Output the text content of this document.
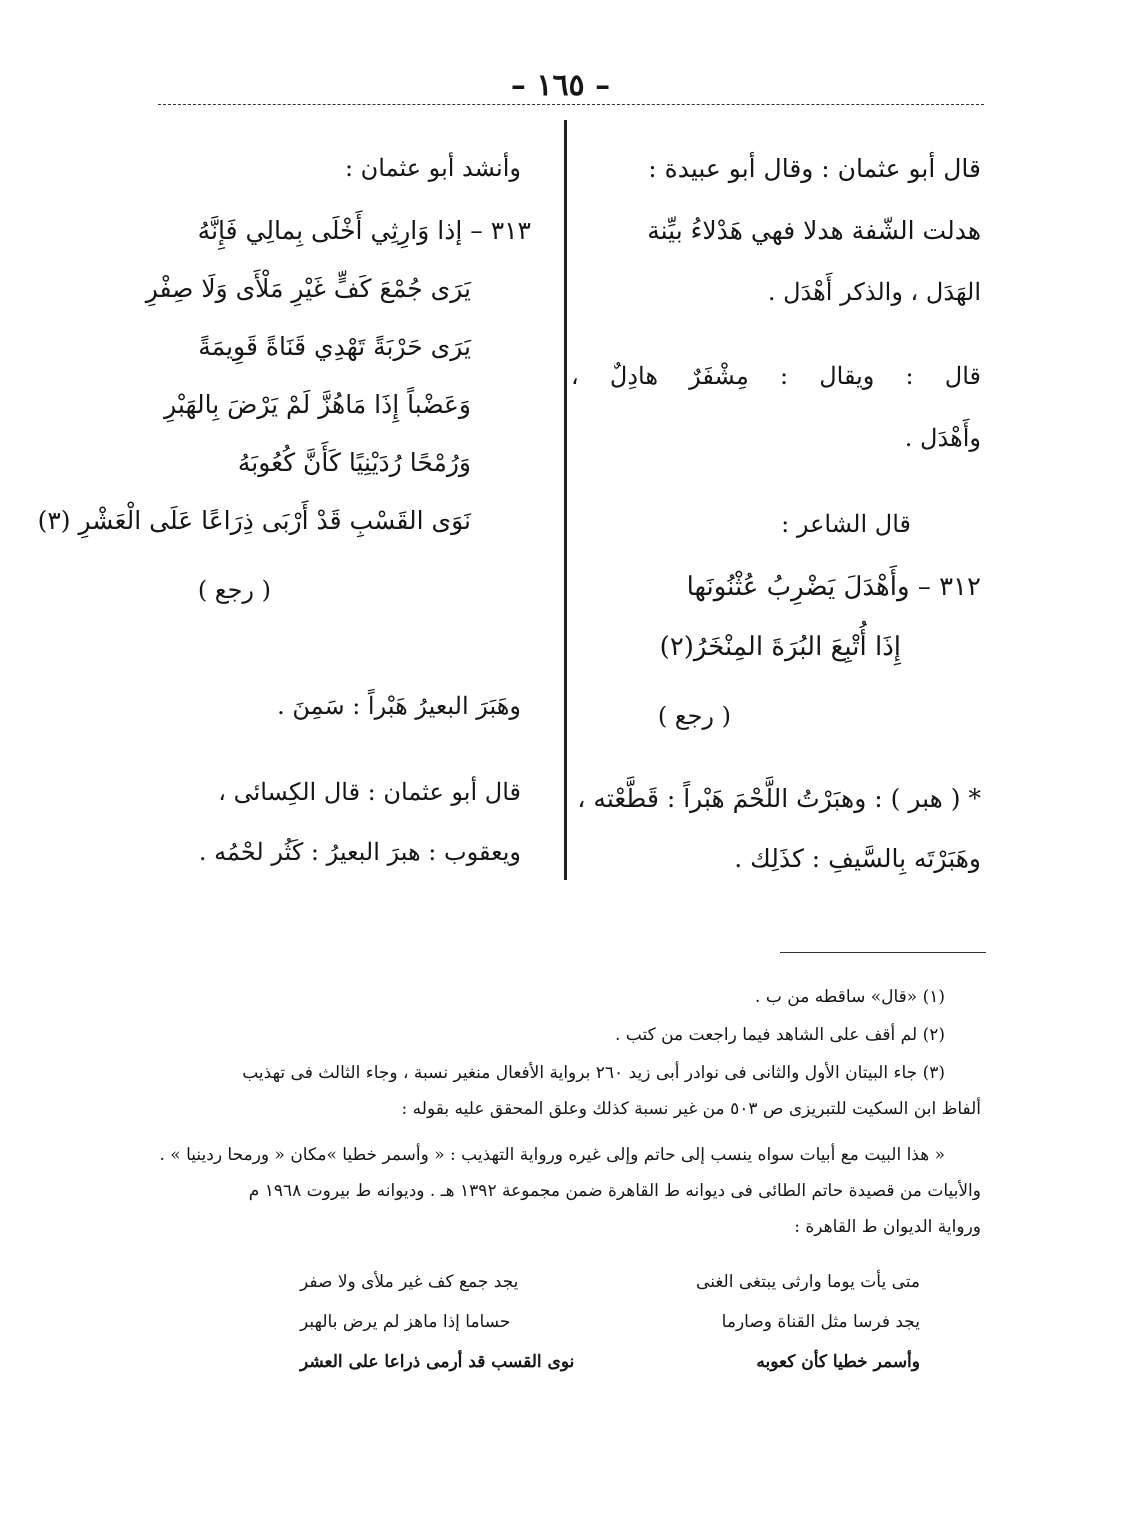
– ١٦٥ –
قال أبو عثمان : وقال أبو عبيدة :
هدلت الشّفة هدلا فهي هَدْلاءُ بيِّنة
الهَدَل ، والذكر أَهْدَل .
قال : ويقال : مِشْفَرٌ هادِلٌ ،
وأَهْدَل .
قال الشاعر :
٣١٢ – وأَهْدَلَ يَضْرِبُ عُثْنُونَها
إِذَا أُتْبِعَ البُرَةَ المِنْخَرُ(٢)
( رجع )
* ( هبر ) : وهبَرْتُ اللَّحْمَ هَبْراً : قَطَّعْته ،
وهَبَرْتَه بِالسَّيفِ : كذَلِك .
وأنشد أبو عثمان :
٣١٣ – إذا وَارِثِي أَخْلَى بِمالِي فَإِنَّهُ
يَرَى جُمْعَ كَفٍّ غَيْرِ مَلْأَى وَلَا صِفْرِ
يَرَى حَرْبَةً تَهْدِي قَنَاةً قَوِيمَةً
وَعَضْباً إِذَا مَاهُزَّ لَمْ يَرْضَ بِالهَبْرِ
وَرُمْحًا رُدَيْنِيًا كَأَنَّ كُعُوبَهُ
نَوَى القَسْبِ قَدْ أَرْبَى ذِرَاعًا عَلَى الْعَشْرِ (٣)
( رجع )
وهَبَرَ البعيرُ هَبْراً : سَمِنَ .
قال أبو عثمان : قال الكِسائى ،
ويعقوب : هبرَ البعيرُ : كَثُر لحْمُه .
(١) «قال» ساقطه من ب .
(٢) لم أقف على الشاهد فيما راجعت من كتب .
(٣) جاء البيتان الأول والثانى فى نوادر أبى زيد ٢٦٠ برواية الأفعال منغير نسبة ، وجاء الثالث فى تهذيب
ألفاظ ابن السكيت للتبريزى ص ٥٠٣ من غير نسبة كذلك وعلق المحقق عليه بقوله :
« هذا البيت مع أبيات سواه ينسب إلى حاتم وإلى غيره ورواية التهذيب : « وأسمر خطيا »مكان « ورمحا ردينيا » .
والأبيات من قصيدة حاتم الطائى فى ديوانه ط القاهرة ضمن مجموعة ١٣٩٢ هـ . وديوانه ط بيروت ١٩٦٨ م
ورواية الديوان ط القاهرة :
متى يأت يوما وارثى يبتغى الغنى
يجد جمع كف غير ملأى ولا صفر
يجد فرسا مثل القناة وصارما
حساما إذا ماهز لم يرض بالهبر
وأسمر خطيا كأن كعوبه
نوى القسب قد أرمى ذراعا على العشر
